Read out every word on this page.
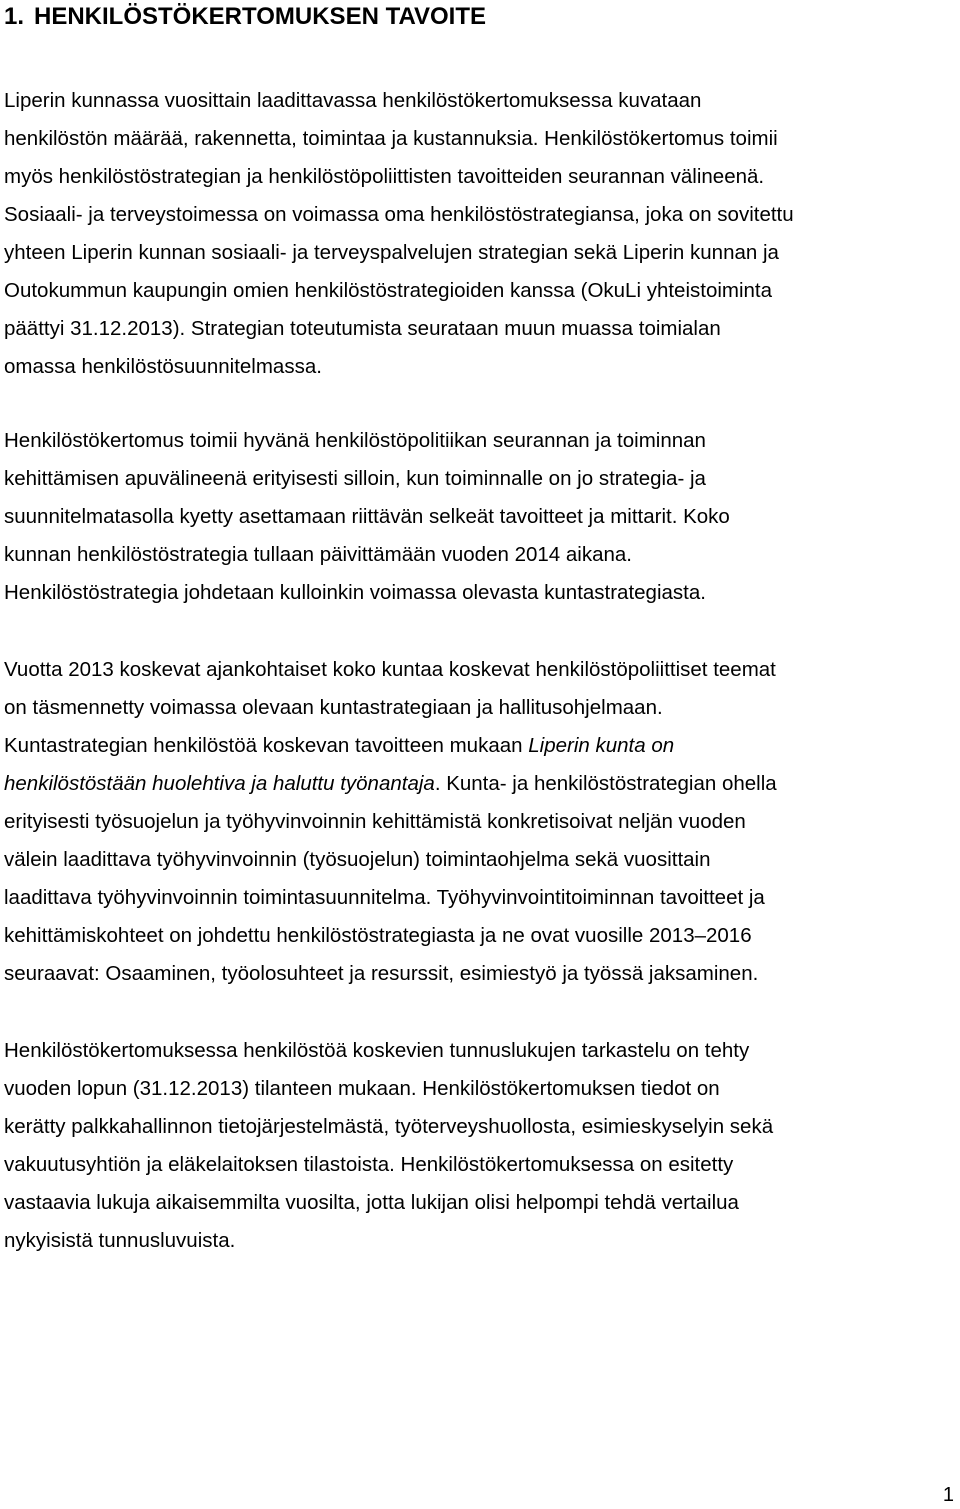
1. HENKILÖSTÖKERTOMUKSEN TAVOITE
Liperin kunnassa vuosittain laadittavassa henkilöstökertomuksessa kuvataan
henkilöstön määrää, rakennetta, toimintaa ja kustannuksia. Henkilöstökertomus toimii
myös henkilöstöstrategian ja henkilöstöpoliittisten tavoitteiden seurannan välineenä.
Sosiaali- ja terveystoimessa on voimassa oma henkilöstöstrategiansa, joka on sovitettu
yhteen Liperin kunnan sosiaali- ja terveyspalvelujen strategian sekä Liperin kunnan ja
Outokummun kaupungin omien henkilöstöstrategioiden kanssa (OkuLi yhteistoiminta
päättyi 31.12.2013). Strategian toteutumista seurataan muun muassa toimialan
omassa henkilöstösuunnitelmassa.
Henkilöstökertomus toimii hyvänä henkilöstöpolitiikan seurannan ja toiminnan
kehittämisen apuvälineenä erityisesti silloin, kun toiminnalle on jo strategia- ja
suunnitelmatasolla kyetty asettamaan riittävän selkeät tavoitteet ja mittarit. Koko
kunnan henkilöstöstrategia tullaan päivittämään vuoden 2014 aikana.
Henkilöstöstrategia johdetaan kulloinkin voimassa olevasta kuntastrategiasta.
Vuotta 2013 koskevat ajankohtaiset koko kuntaa koskevat henkilöstöpoliittiset teemat
on täsmennetty voimassa olevaan kuntastrategiaan ja hallitusohjelmaan.
Kuntastrategian henkilöstöä koskevan tavoitteen mukaan Liperin kunta on
henkilöstöstään huolehtiva ja haluttu työnantaja. Kunta- ja henkilöstöstrategian ohella
erityisesti työsuojelun ja työhyvinvoinnin kehittämistä konkretisoivat neljän vuoden
välein laadittava työhyvinvoinnin (työsuojelun) toimintaohjelma sekä vuosittain
laadittava työhyvinvoinnin toimintasuunnitelma. Työhyvinvointitoiminnan tavoitteet ja
kehittämiskohteet on johdettu henkilöstöstrategiasta ja ne ovat vuosille 2013–2016
seuraavat: Osaaminen, työolosuhteet ja resurssit, esimiestyö ja työssä jaksaminen.
Henkilöstökertomuksessa henkilöstöä koskevien tunnuslukujen tarkastelu on tehty
vuoden lopun (31.12.2013) tilanteen mukaan. Henkilöstökertomuksen tiedot on
kerätty palkkahallinnon tietojärjestelmästä, työterveyshuollosta, esimieskyselyin sekä
vakuutusyhtiön ja eläkelaitoksen tilastoista. Henkilöstökertomuksessa on esitetty
vastaavia lukuja aikaisemmilta vuosilta, jotta lukijan olisi helpompi tehdä vertailua
nykyisistä tunnusluvuista.
1
